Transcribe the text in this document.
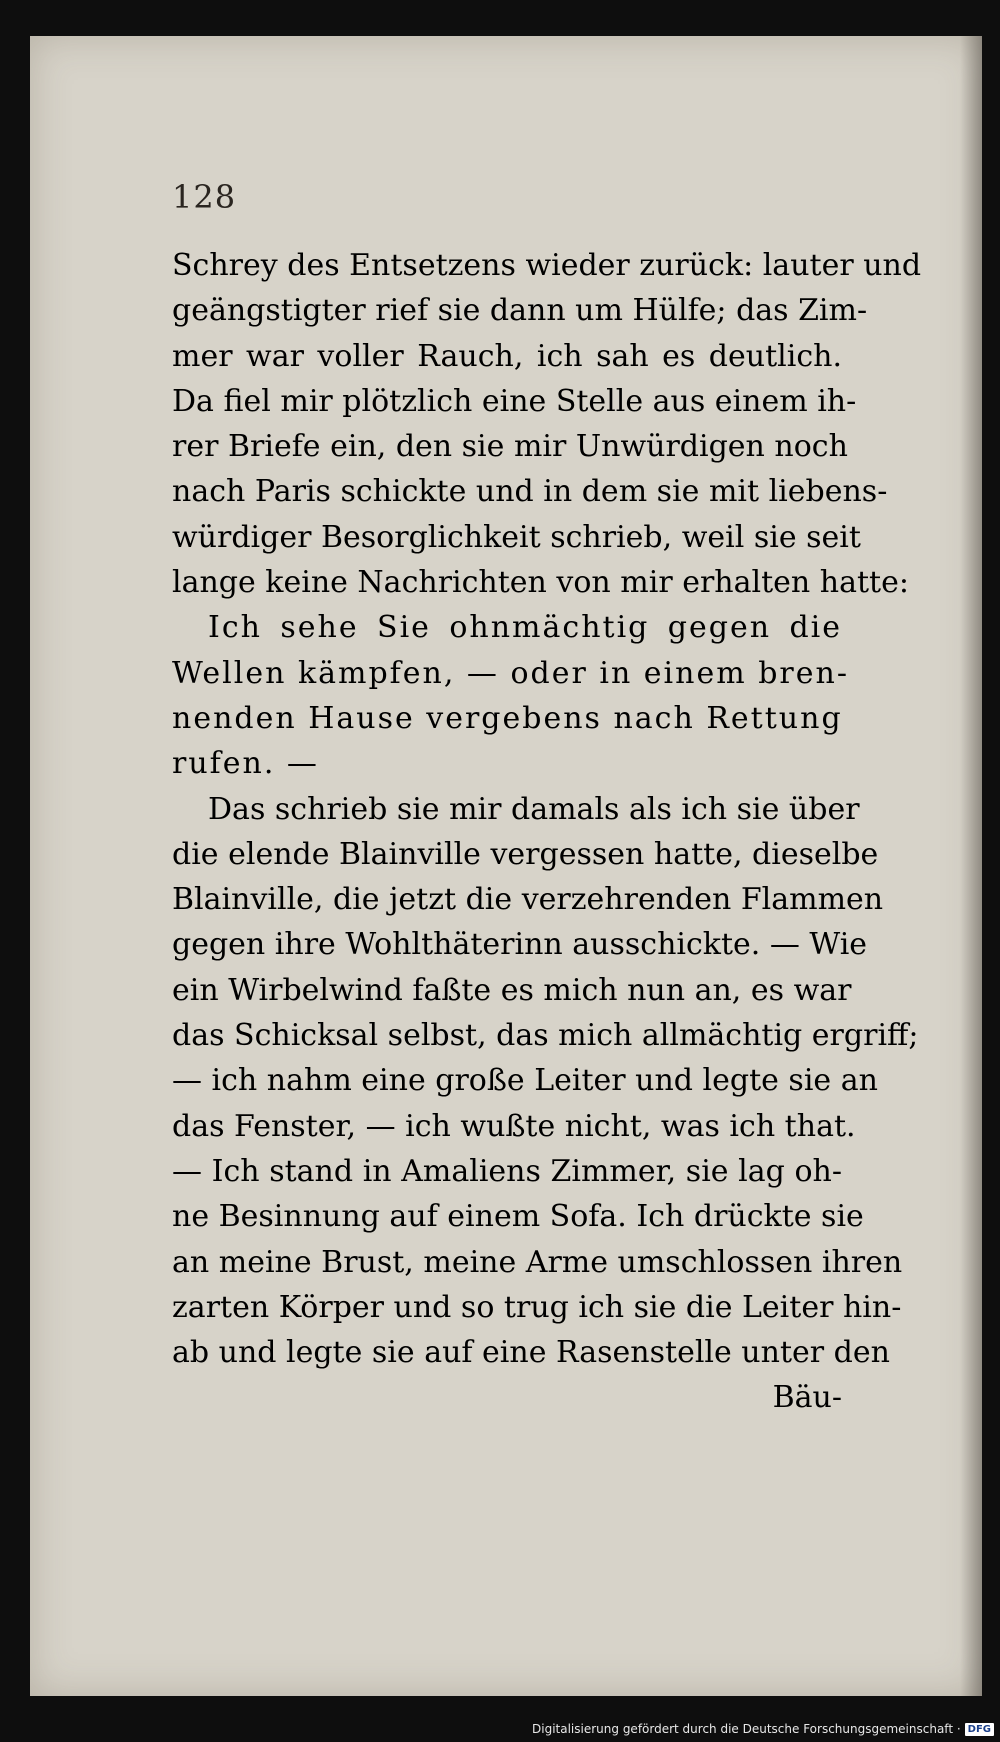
128
Schrey des Entsetzens wieder zurück: lauter und
geängstigter rief sie dann um Hülfe; das Zim-
mer war voller Rauch, ich sah es deutlich.
Da fiel mir plötzlich eine Stelle aus einem ih-
rer Briefe ein, den sie mir Unwürdigen noch
nach Paris schickte und in dem sie mit liebens-
würdiger Besorglichkeit schrieb, weil sie seit
lange keine Nachrichten von mir erhalten hatte:
Ich sehe Sie ohnmächtig gegen die
Wellen kämpfen, — oder in einem bren-
nenden Hause vergebens nach Rettung
rufen. —
Das schrieb sie mir damals als ich sie über
die elende Blainville vergessen hatte, dieselbe
Blainville, die jetzt die verzehrenden Flammen
gegen ihre Wohlthäterinn ausschickte. — Wie
ein Wirbelwind faßte es mich nun an, es war
das Schicksal selbst, das mich allmächtig ergriff;
— ich nahm eine große Leiter und legte sie an
das Fenster, — ich wußte nicht, was ich that.
— Ich stand in Amaliens Zimmer, sie lag oh-
ne Besinnung auf einem Sofa. Ich drückte sie
an meine Brust, meine Arme umschlossen ihren
zarten Körper und so trug ich sie die Leiter hin-
ab und legte sie auf eine Rasenstelle unter den
Bäu-
Digitalisierung gefördert durch die Deutsche Forschungsgemeinschaft · DFG
